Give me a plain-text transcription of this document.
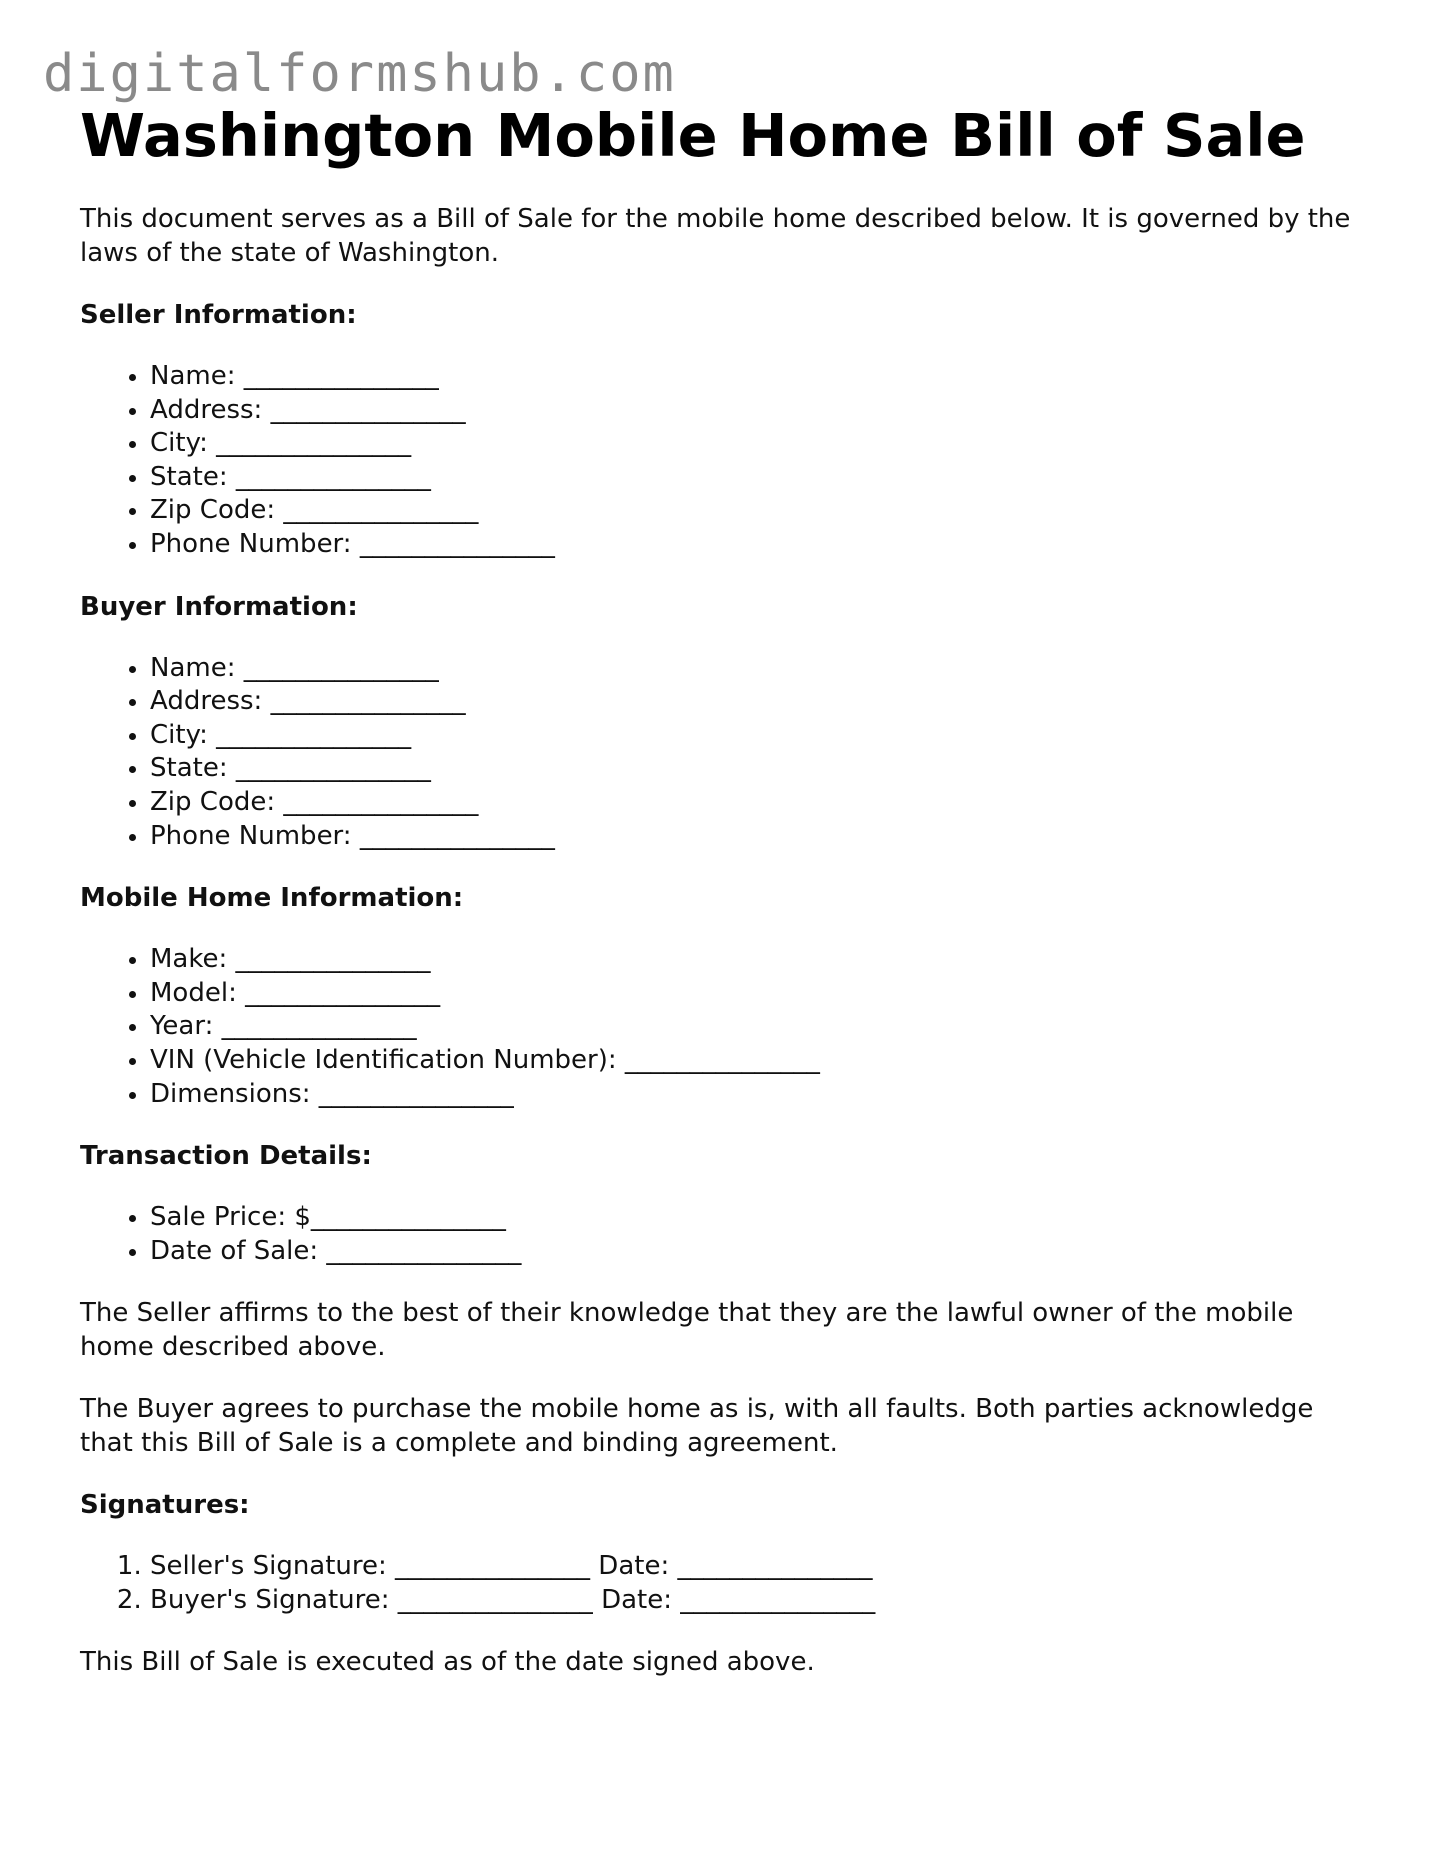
digitalformshub.com
Washington Mobile Home Bill of Sale

This document serves as a Bill of Sale for the mobile home described below. It is governed by the laws of the state of Washington.

Seller Information:
• Name: _______________
• Address: _______________
• City: _______________
• State: _______________
• Zip Code: _______________
• Phone Number: _______________
Buyer Information:
• Name: _______________
• Address: _______________
• City: _______________
• State: _______________
• Zip Code: _______________
• Phone Number: _______________
Mobile Home Information:
• Make: _______________
• Model: _______________
• Year: _______________
• VIN (Vehicle Identification Number): _______________
• Dimensions: _______________
Transaction Details:
• Sale Price: $_______________
• Date of Sale: _______________

The Seller affirms to the best of their knowledge that they are the lawful owner of the mobile home described above.

The Buyer agrees to purchase the mobile home as is, with all faults. Both parties acknowledge that this Bill of Sale is a complete and binding agreement.

Signatures:
1. Seller's Signature: _______________ Date: _______________
2. Buyer's Signature: _______________ Date: _______________

This Bill of Sale is executed as of the date signed above.
